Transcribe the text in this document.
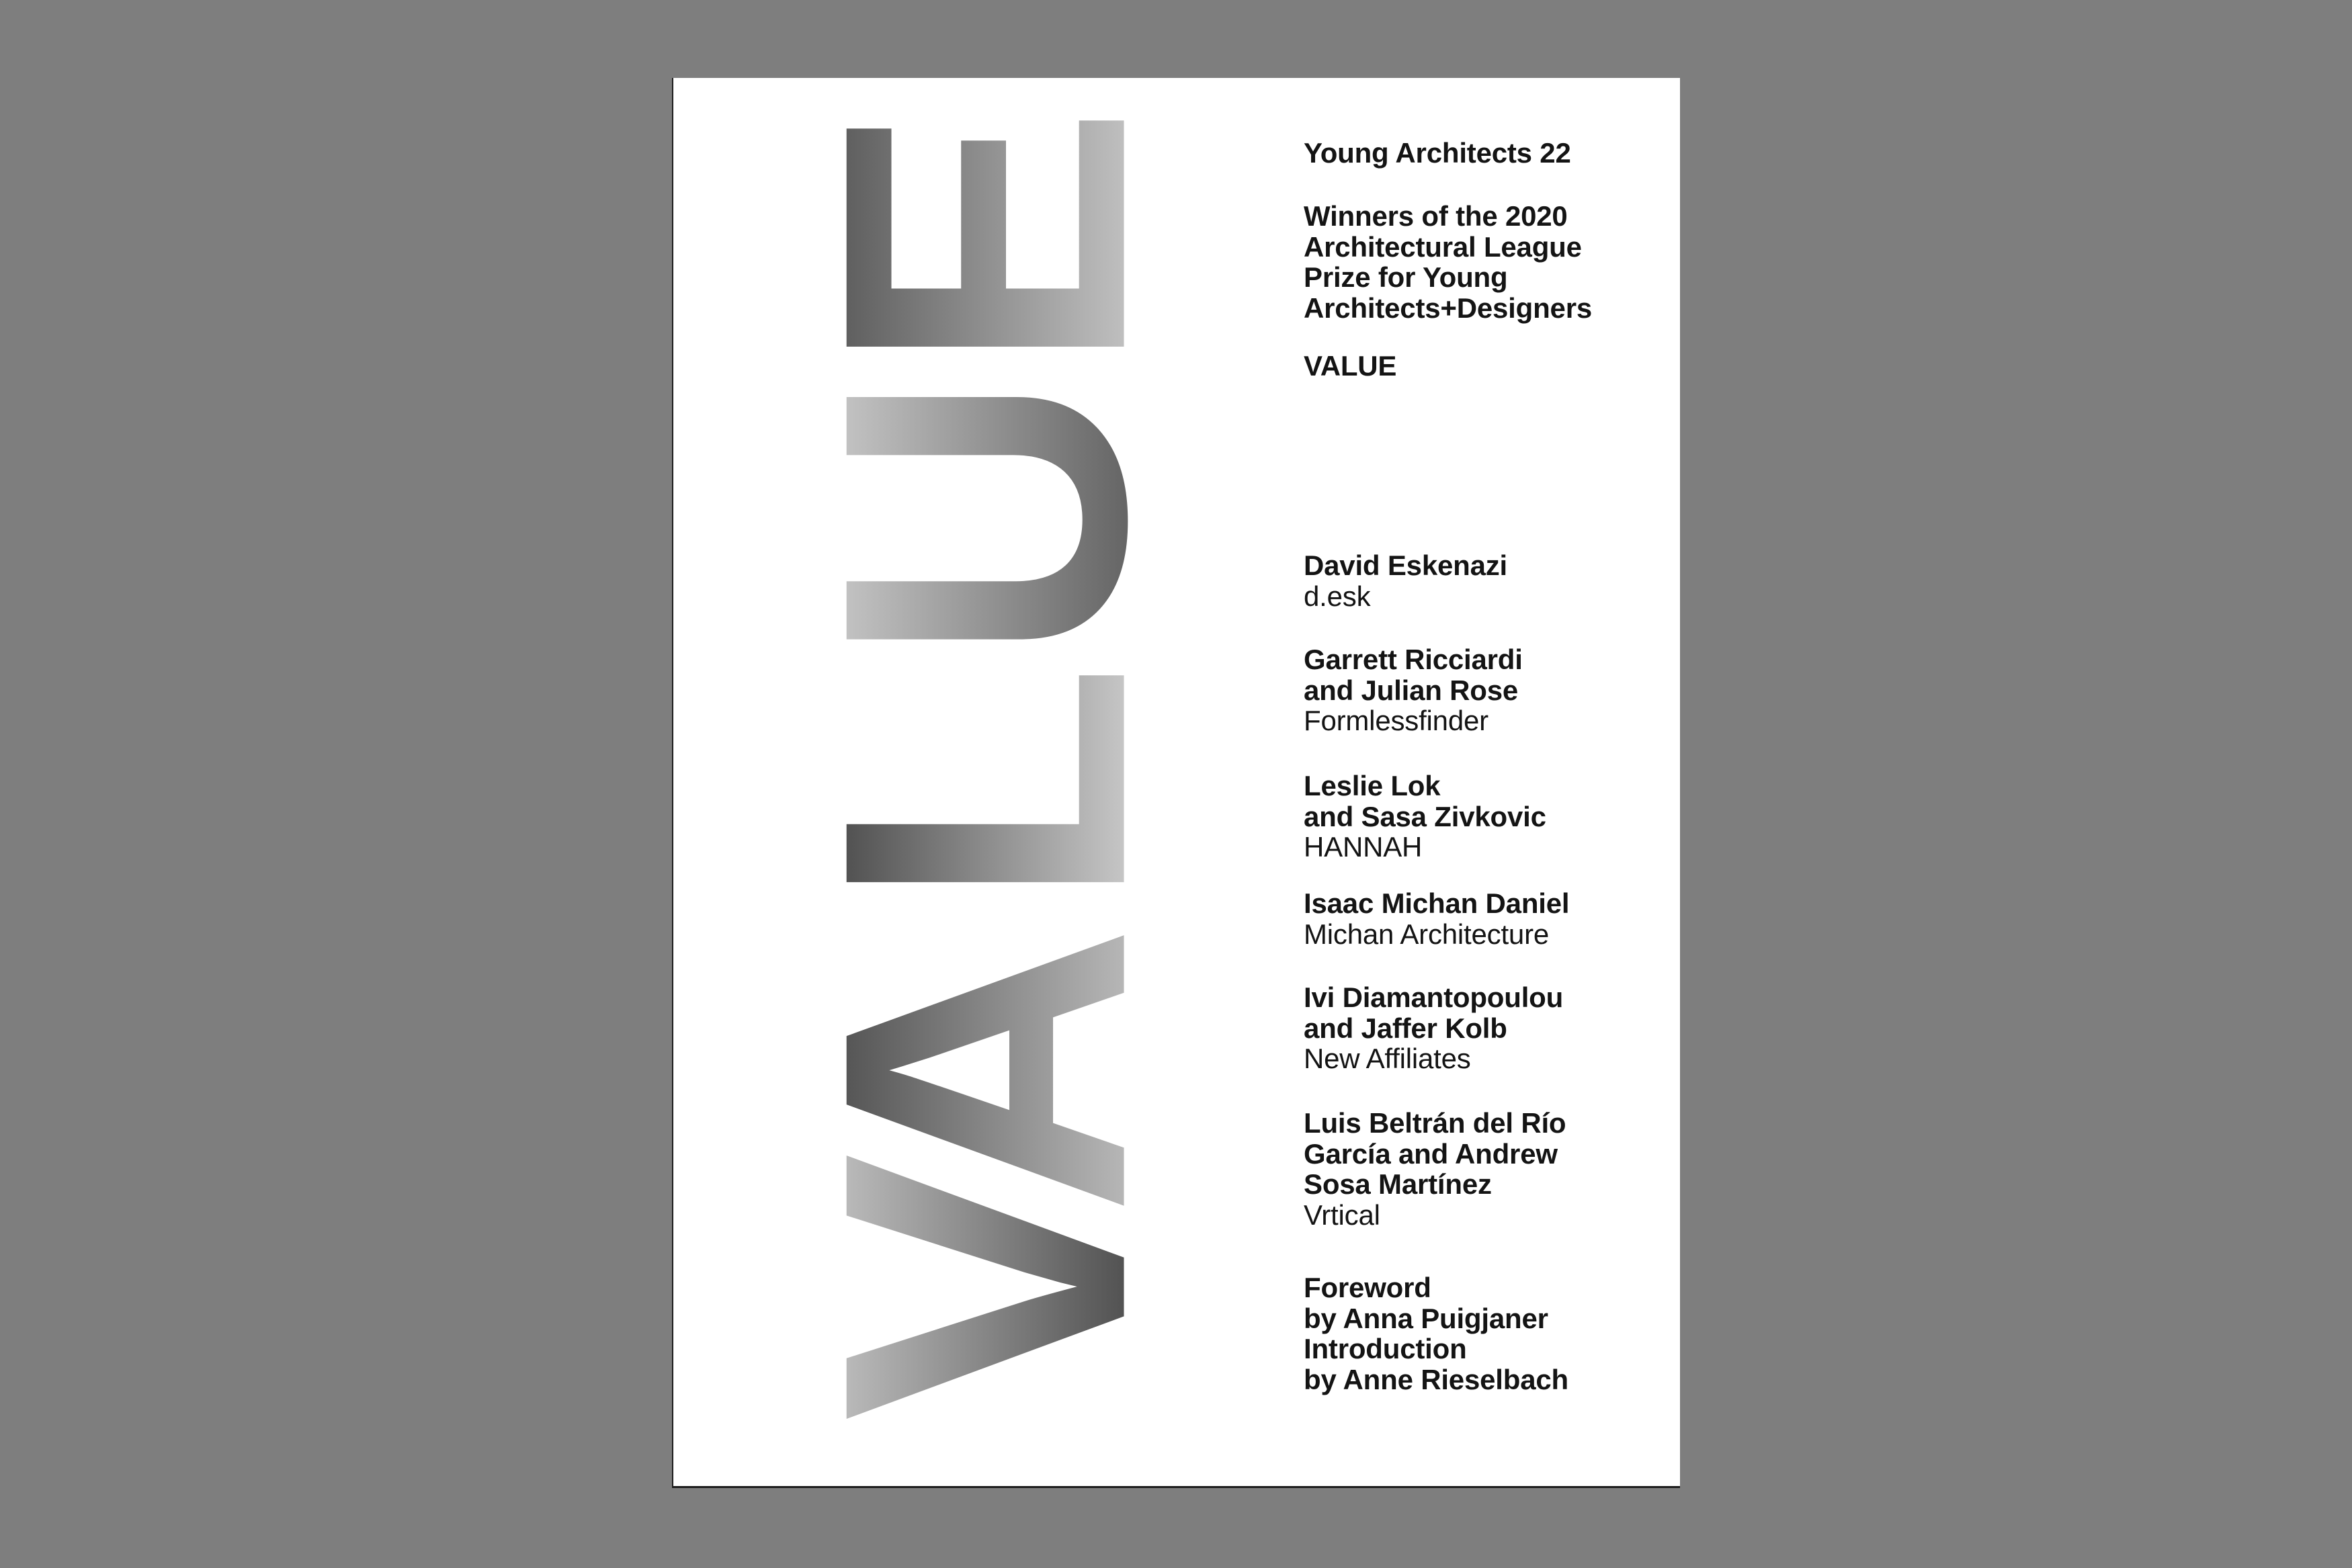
E
U
L
A
V
Young Architects 22
Winners of the 2020
Architectural League
Prize for Young
Architects+Designers
VALUE
David Eskenazi
d.esk
Garrett Ricciardi
and Julian Rose
Formlessfinder
Leslie Lok
and Sasa Zivkovic
HANNAH
Isaac Michan Daniel
Michan Architecture
Ivi Diamantopoulou
and Jaffer Kolb
New Affiliates
Luis Beltrán del Río
García and Andrew
Sosa Martínez
Vrtical
Foreword
by Anna Puigjaner
Introduction
by Anne Rieselbach
